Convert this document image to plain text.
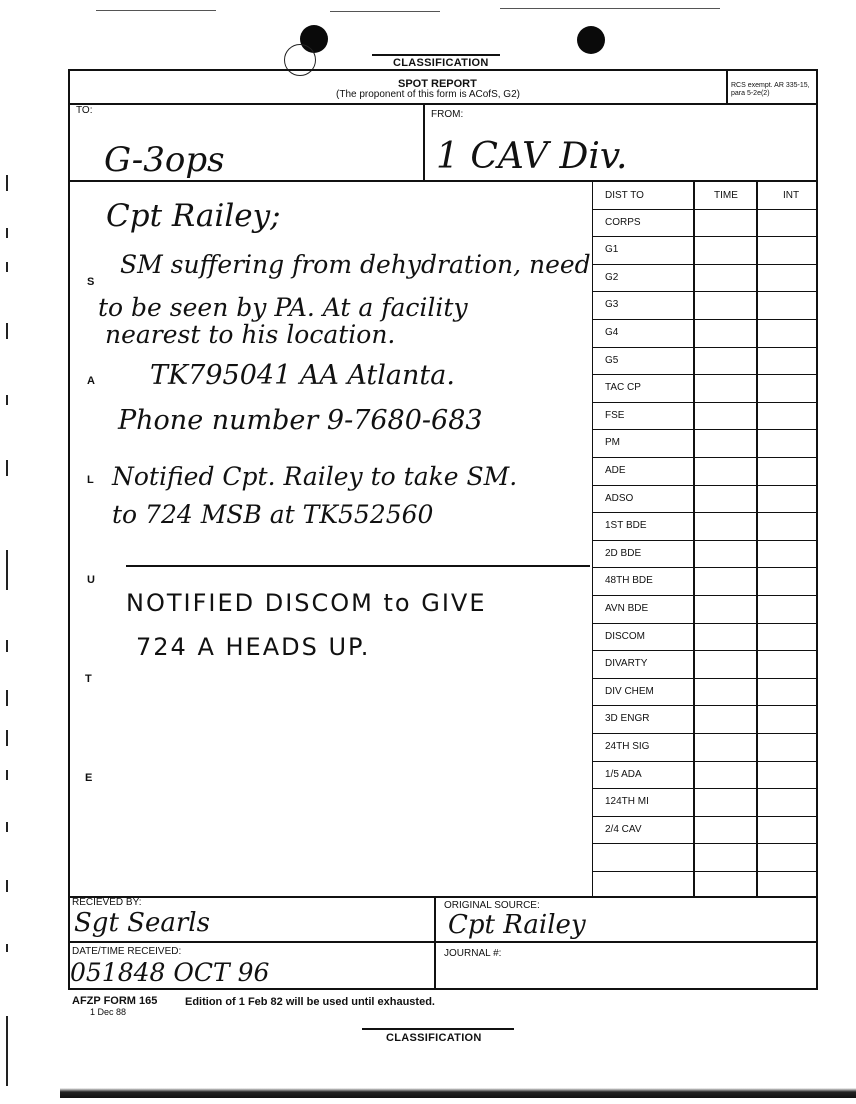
CLASSIFICATION
SPOT REPORT
(The proponent of this form is ACofS, G2)
RCS exempt. AR 335-15, para 5-2e(2)
TO:	FROM:
G-3ops	1 CAV Div.
S
A
L
U
T
E
Cpt Railey;
SM suffering from dehydration, need
to be seen by PA. At a facility
nearest to his location.
TK795041 AA Atlanta.
Phone number 9-7680-683
Notified Cpt. Railey to take SM.
to 724 MSB at TK552560
NOTIFIED DISCOM to GIVE
724 A HEADS UP.
DIST TO	TIME	INT
CORPS
G1
G2
G3
G4
G5
TAC CP
FSE
PM
ADE
ADSO
1ST BDE
2D BDE
48TH BDE
AVN BDE
DISCOM
DIVARTY
DIV CHEM
3D ENGR
24TH SIG
1/5 ADA
124TH MI
2/4 CAV
RECIEVED BY:
Sgt Searls
ORIGINAL SOURCE:
Cpt Railey
DATE/TIME RECEIVED:
051848 OCT 96
JOURNAL #:
AFZP FORM 165	Edition of 1 Feb 82 will be used until exhausted.
1 Dec 88
CLASSIFICATION
